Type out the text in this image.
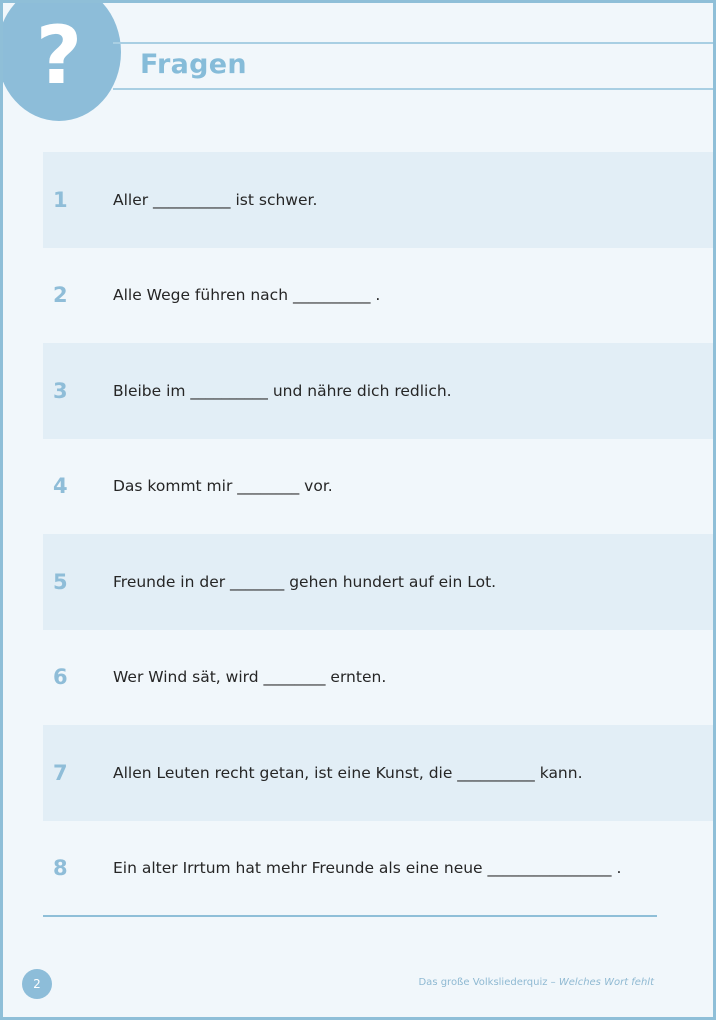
?	Fragen
1	Aller __________ ist schwer.
2	Alle Wege führen nach __________ .
3	Bleibe im __________ und nähre dich redlich.
4	Das kommt mir ________ vor.
5	Freunde in der _______ gehen hundert auf ein Lot.
6	Wer Wind sät, wird ________ ernten.
7	Allen Leuten recht getan, ist eine Kunst, die __________ kann.
8	Ein alter Irrtum hat mehr Freunde als eine neue ________________ .
2	Das große Volksliederquiz – Welches Wort fehlt
